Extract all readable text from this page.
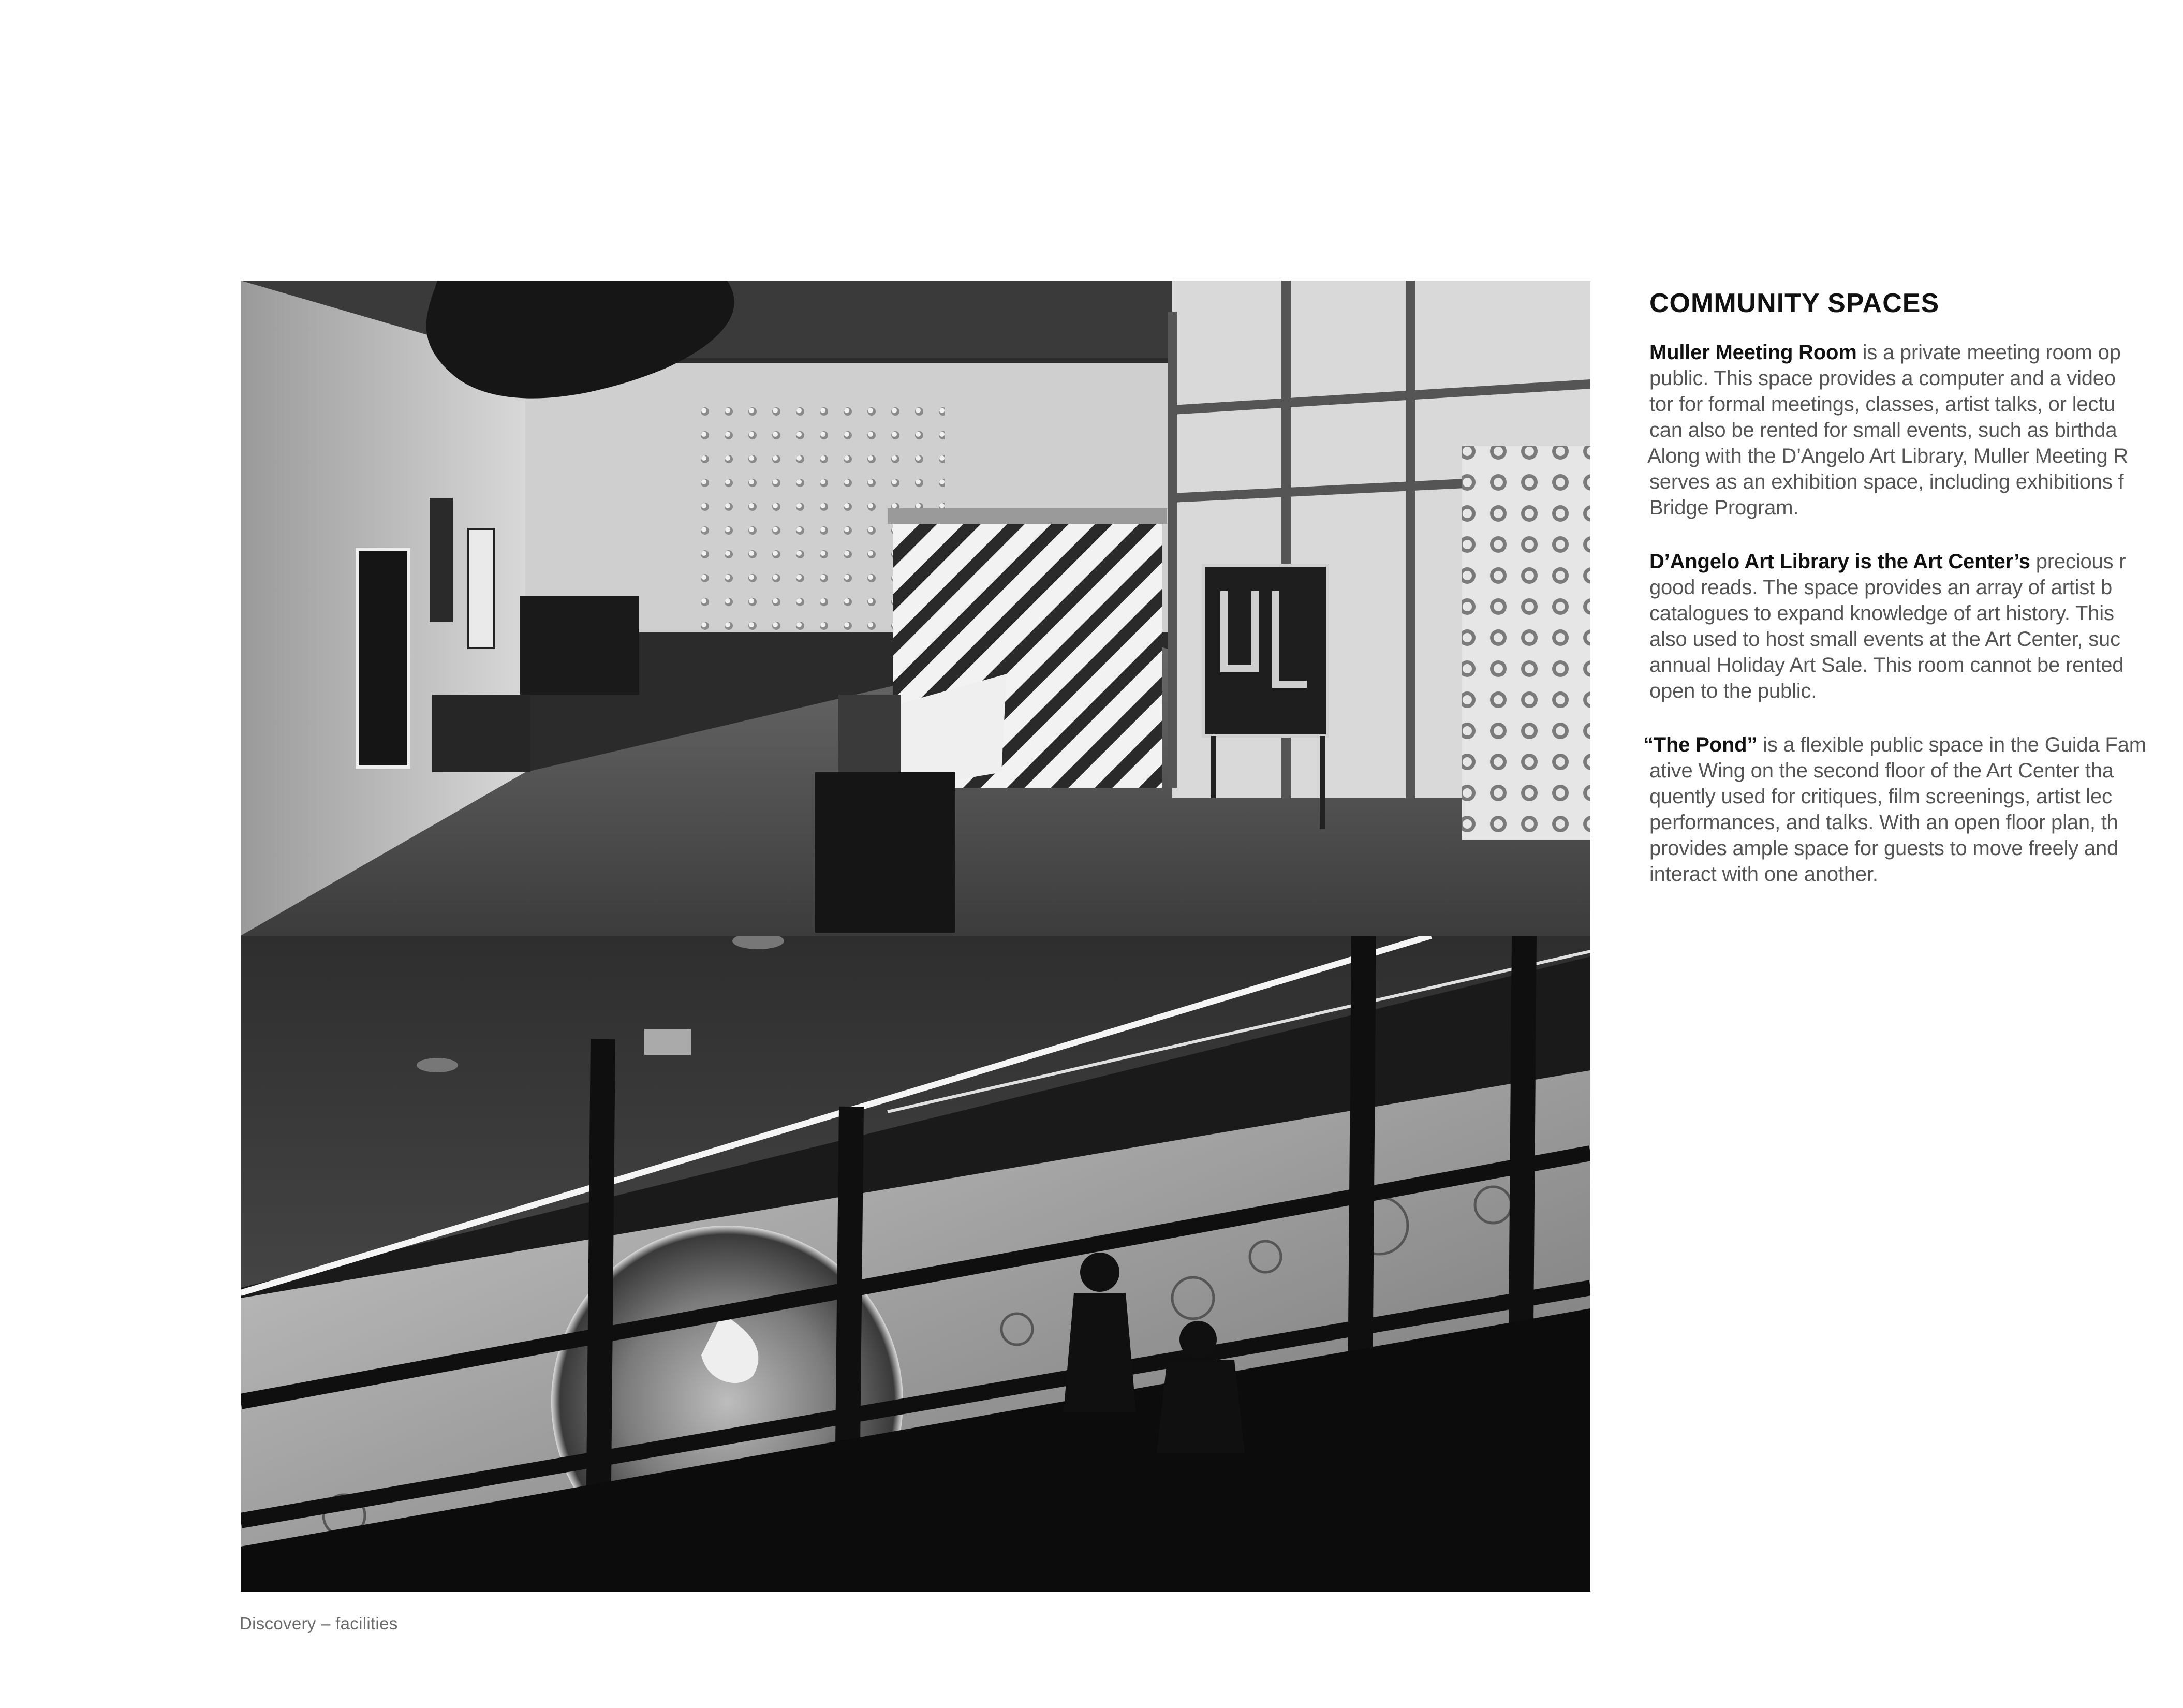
Discovery – facilities
COMMUNITY SPACES
Muller Meeting Room is a private meeting room op
public. This space provides a computer and a video
tor for formal meetings, classes, artist talks, or lectu
can also be rented for small events, such as birthda
Along with the D’Angelo Art Library, Muller Meeting R
serves as an exhibition space, including exhibitions f
Bridge Program.
D’Angelo Art Library is the Art Center’s precious r
good reads. The space provides an array of artist b
catalogues to expand knowledge of art history. This
also used to host small events at the Art Center, suc
annual Holiday Art Sale. This room cannot be rented
open to the public.
“The Pond” is a flexible public space in the Guida Fam
ative Wing on the second floor of the Art Center tha
quently used for critiques, film screenings, artist lec
performances, and talks. With an open floor plan, th
provides ample space for guests to move freely and
interact with one another.
